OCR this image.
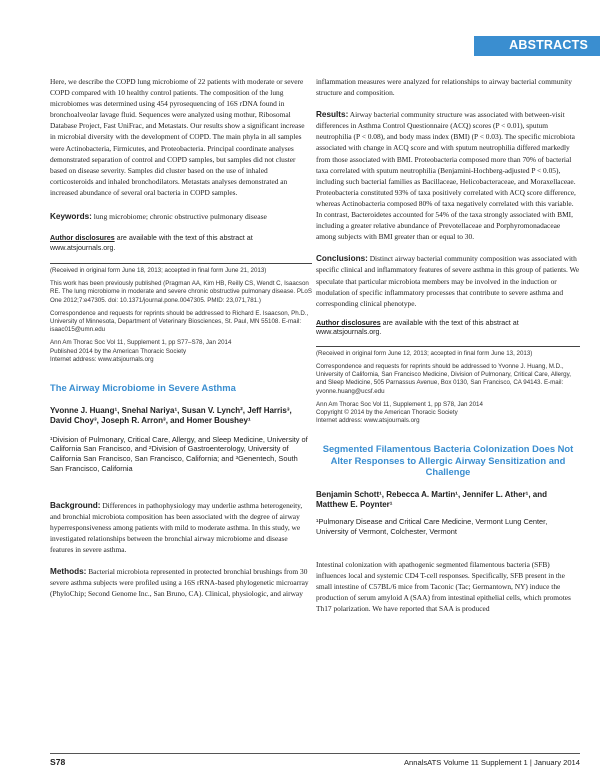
ABSTRACTS

Here, we describe the COPD lung microbiome of 22 patients with moderate or severe COPD compared with 10 healthy control patients. The composition of the lung microbiomes was determined using 454 pyrosequencing of 16S rDNA found in bronchoalveolar lavage fluid. Sequences were analyzed using mothur, Ribosomal Database Project, Fast UniFrac, and Metastats. Our results show a significant increase in microbial diversity with the development of COPD. The main phyla in all samples were Actinobacteria, Firmicutes, and Proteobacteria. Principal coordinate analyses demonstrated separation of control and COPD samples, but samples did not cluster based on disease severity. Samples did cluster based on the use of inhaled corticosteroids and inhaled bronchodilators. Metastats analyses demonstrated an increased abundance of several oral bacteria in COPD samples.

Keywords: lung microbiome; chronic obstructive pulmonary disease

Author disclosures are available with the text of this abstract at www.atsjournals.org.

(Received in original form June 18, 2013; accepted in final form June 21, 2013)

This work has been previously published (Pragman AA, Kim HB, Reilly CS, Wendt C, Isaacson RE. The lung microbiome in moderate and severe chronic obstructive pulmonary disease. PLoS One 2012;7:e47305. doi: 10.1371/journal.pone.0047305. PMID: 23,071,781.)

Correspondence and requests for reprints should be addressed to Richard E. Isaacson, Ph.D., University of Minnesota, Department of Veterinary Biosciences, St. Paul, MN 55108. E-mail: isaac015@umn.edu

Ann Am Thorac Soc Vol 11, Supplement 1, pp S77–S78, Jan 2014
Published 2014 by the American Thoracic Society
Internet address: www.atsjournals.org

The Airway Microbiome in Severe Asthma

Yvonne J. Huang¹, Snehal Nariya¹, Susan V. Lynch², Jeff Harris³, David Choy³, Joseph R. Arron³, and Homer Boushey¹

¹Division of Pulmonary, Critical Care, Allergy, and Sleep Medicine, University of California San Francisco, and ²Division of Gastroenterology, University of California San Francisco, San Francisco, California; and ³Genentech, South San Francisco, California

Background: Differences in pathophysiology may underlie asthma heterogeneity, and bronchial microbiota composition has been associated with the degree of airway hyperresponsiveness among patients with mild to moderate asthma. In this study, we investigated relationships between the bronchial airway microbiome and disease features in severe asthma.

Methods: Bacterial microbiota represented in protected bronchial brushings from 30 severe asthma subjects were profiled using a 16S rRNA-based phylogenetic microarray (PhyloChip; Second Genome Inc., San Bruno, CA). Clinical, physiologic, and airway

inflammation measures were analyzed for relationships to airway bacterial community structure and composition.

Results: Airway bacterial community structure was associated with between-visit differences in Asthma Control Questionnaire (ACQ) scores (P < 0.01), sputum neutrophilia (P < 0.08), and body mass index (BMI) (P < 0.03). The specific microbiota associated with change in ACQ score and with sputum neutrophilia differed markedly from those associated with BMI. Proteobacteria composed more than 70% of bacterial taxa correlated with sputum neutrophilia (Benjamini-Hochberg-adjusted P < 0.05), including such bacterial families as Bacillaceae, Helicobacteraceae, and Moraxellaceae. Proteobacteria constituted 93% of taxa positively correlated with ACQ score difference, whereas Actinobacteria composed 80% of taxa negatively correlated with this variable. In contrast, Bacteroidetes accounted for 54% of the taxa strongly associated with BMI, including a greater relative abundance of Prevotellaceae and Porphyromonadaceae among subjects with BMI greater than or equal to 30.

Conclusions: Distinct airway bacterial community composition was associated with specific clinical and inflammatory features of severe asthma in this group of patients. We speculate that particular microbiota members may be involved in the induction or modulation of specific inflammatory processes that contribute to severe asthma and corresponding clinical phenotype.

Author disclosures are available with the text of this abstract at www.atsjournals.org.

(Received in original form June 12, 2013; accepted in final form June 13, 2013)

Correspondence and requests for reprints should be addressed to Yvonne J. Huang, M.D., University of California, San Francisco Medicine, Division of Pulmonary, Critical Care, Allergy, and Sleep Medicine, 505 Parnassus Avenue, Box 0130, San Francisco, CA 94143. E-mail: yvonne.huang@ucsf.edu

Ann Am Thorac Soc Vol 11, Supplement 1, pp S78, Jan 2014
Copyright © 2014 by the American Thoracic Society
Internet address: www.atsjournals.org

Segmented Filamentous Bacteria Colonization Does Not Alter Responses to Allergic Airway Sensitization and Challenge

Benjamin Schott¹, Rebecca A. Martin¹, Jennifer L. Ather¹, and Matthew E. Poynter¹

¹Pulmonary Disease and Critical Care Medicine, Vermont Lung Center, University of Vermont, Colchester, Vermont

Intestinal colonization with apathogenic segmented filamentous bacteria (SFB) influences local and systemic CD4 T-cell responses. Specifically, SFB present in the small intestine of C57BL/6 mice from Taconic (Tac; Germantown, NY) induce the production of serum amyloid A (SAA) from intestinal epithelial cells, which promotes Th17 polarization. We have reported that SAA is produced

S78	AnnalsATS Volume 11 Supplement 1 | January 2014
